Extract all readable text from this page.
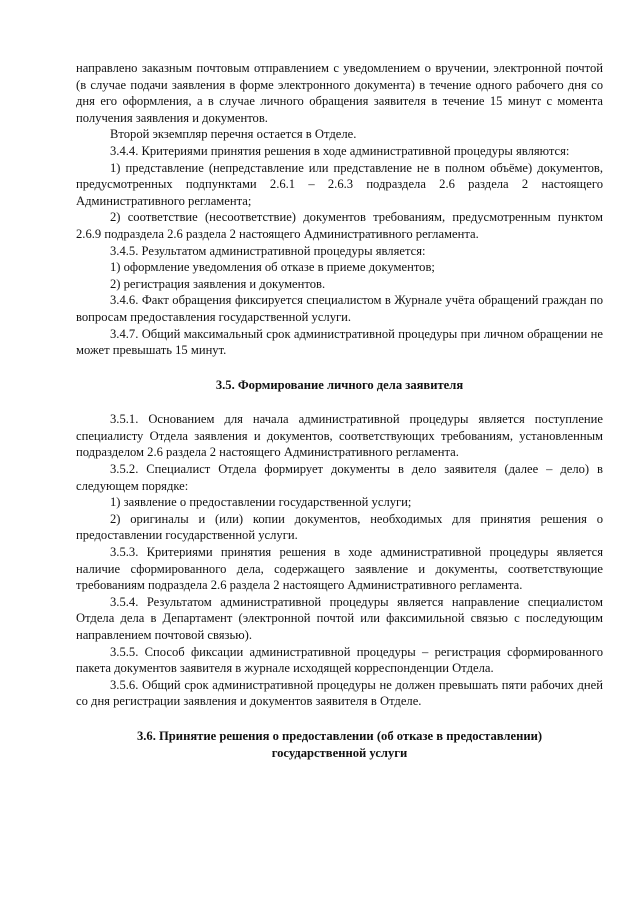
направлено заказным почтовым отправлением с уведомлением о вручении, электронной почтой (в случае подачи заявления в форме электронного документа) в течение одного рабочего дня со дня его оформления, а в случае личного обращения заявителя в течение 15 минут с момента получения заявления и документов.

Второй экземпляр перечня остается в Отделе.

3.4.4. Критериями принятия решения в ходе административной процедуры являются:

1) представление (непредставление или представление не в полном объёме) документов, предусмотренных подпунктами 2.6.1 – 2.6.3 подраздела 2.6 раздела 2 настоящего Административного регламента;

2) соответствие (несоответствие) документов требованиям, предусмотренным пунктом 2.6.9 подраздела 2.6 раздела 2 настоящего Административного регламента.

3.4.5. Результатом административной процедуры является:

1) оформление уведомления об отказе в приеме документов;

2) регистрация заявления и документов.

3.4.6. Факт обращения фиксируется специалистом в Журнале учёта обращений граждан по вопросам предоставления государственной услуги.

3.4.7. Общий максимальный срок административной процедуры при личном обращении не может превышать 15 минут.

3.5. Формирование личного дела заявителя

3.5.1. Основанием для начала административной процедуры является поступление специалисту Отдела заявления и документов, соответствующих требованиям, установленным подразделом 2.6 раздела 2 настоящего Административного регламента.

3.5.2. Специалист Отдела формирует документы в дело заявителя (далее – дело) в следующем порядке:

1) заявление о предоставлении государственной услуги;

2) оригиналы и (или) копии документов, необходимых для принятия решения о предоставлении государственной услуги.

3.5.3. Критериями принятия решения в ходе административной процедуры является наличие сформированного дела, содержащего заявление и документы, соответствующие требованиям подраздела 2.6 раздела 2 настоящего Административного регламента.

3.5.4. Результатом административной процедуры является направление специалистом Отдела дела в Департамент (электронной почтой или факсимильной связью с последующим направлением почтовой связью).

3.5.5. Способ фиксации административной процедуры – регистрация сформированного пакета документов заявителя в журнале исходящей корреспонденции Отдела.

3.5.6. Общий срок административной процедуры не должен превышать пяти рабочих дней со дня регистрации заявления и документов заявителя в Отделе.

3.6. Принятие решения о предоставлении (об отказе в предоставлении)

государственной услуги
